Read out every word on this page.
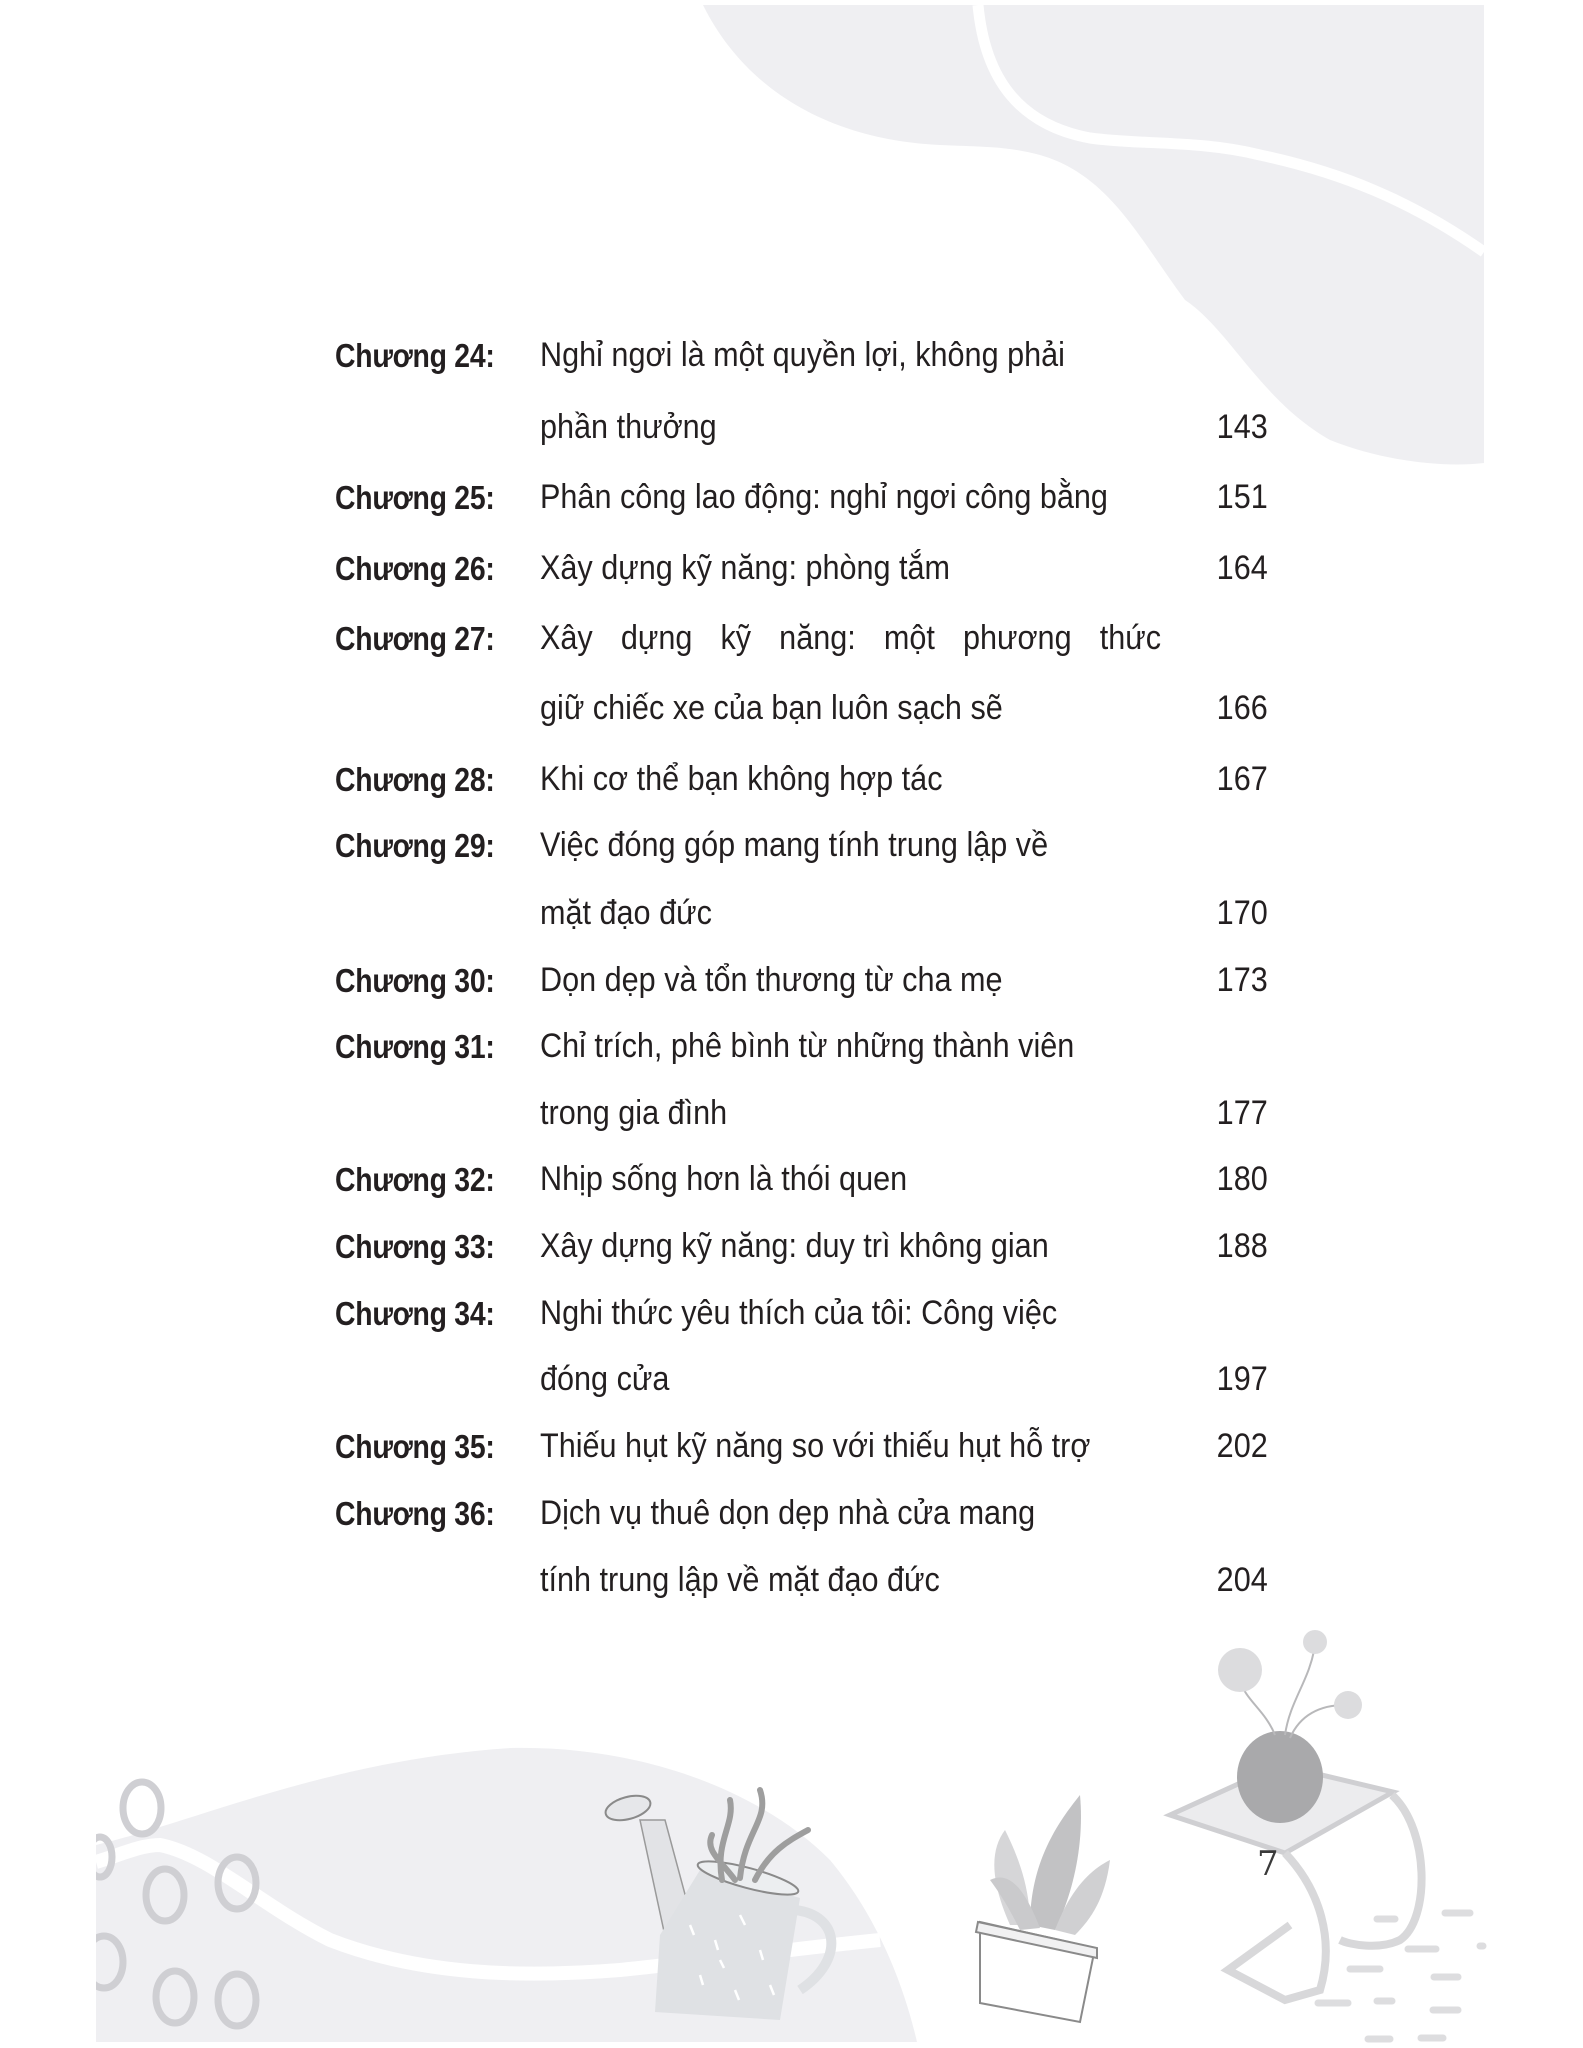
Chương 24: Nghỉ ngơi là một quyền lợi, không phải
phần thưởng	143
Chương 25: Phân công lao động: nghỉ ngơi công bằng	151
Chương 26: Xây dựng kỹ năng: phòng tắm	164
Chương 27: Xây dựng kỹ năng: một phương thức
giữ chiếc xe của bạn luôn sạch sẽ	166
Chương 28: Khi cơ thể bạn không hợp tác	167
Chương 29: Việc đóng góp mang tính trung lập về
mặt đạo đức	170
Chương 30: Dọn dẹp và tổn thương từ cha mẹ	173
Chương 31: Chỉ trích, phê bình từ những thành viên
trong gia đình	177
Chương 32: Nhịp sống hơn là thói quen	180
Chương 33: Xây dựng kỹ năng: duy trì không gian	188
Chương 34: Nghi thức yêu thích của tôi: Công việc
đóng cửa	197
Chương 35: Thiếu hụt kỹ năng so với thiếu hụt hỗ trợ	202
Chương 36: Dịch vụ thuê dọn dẹp nhà cửa mang
tính trung lập về mặt đạo đức	204
7
